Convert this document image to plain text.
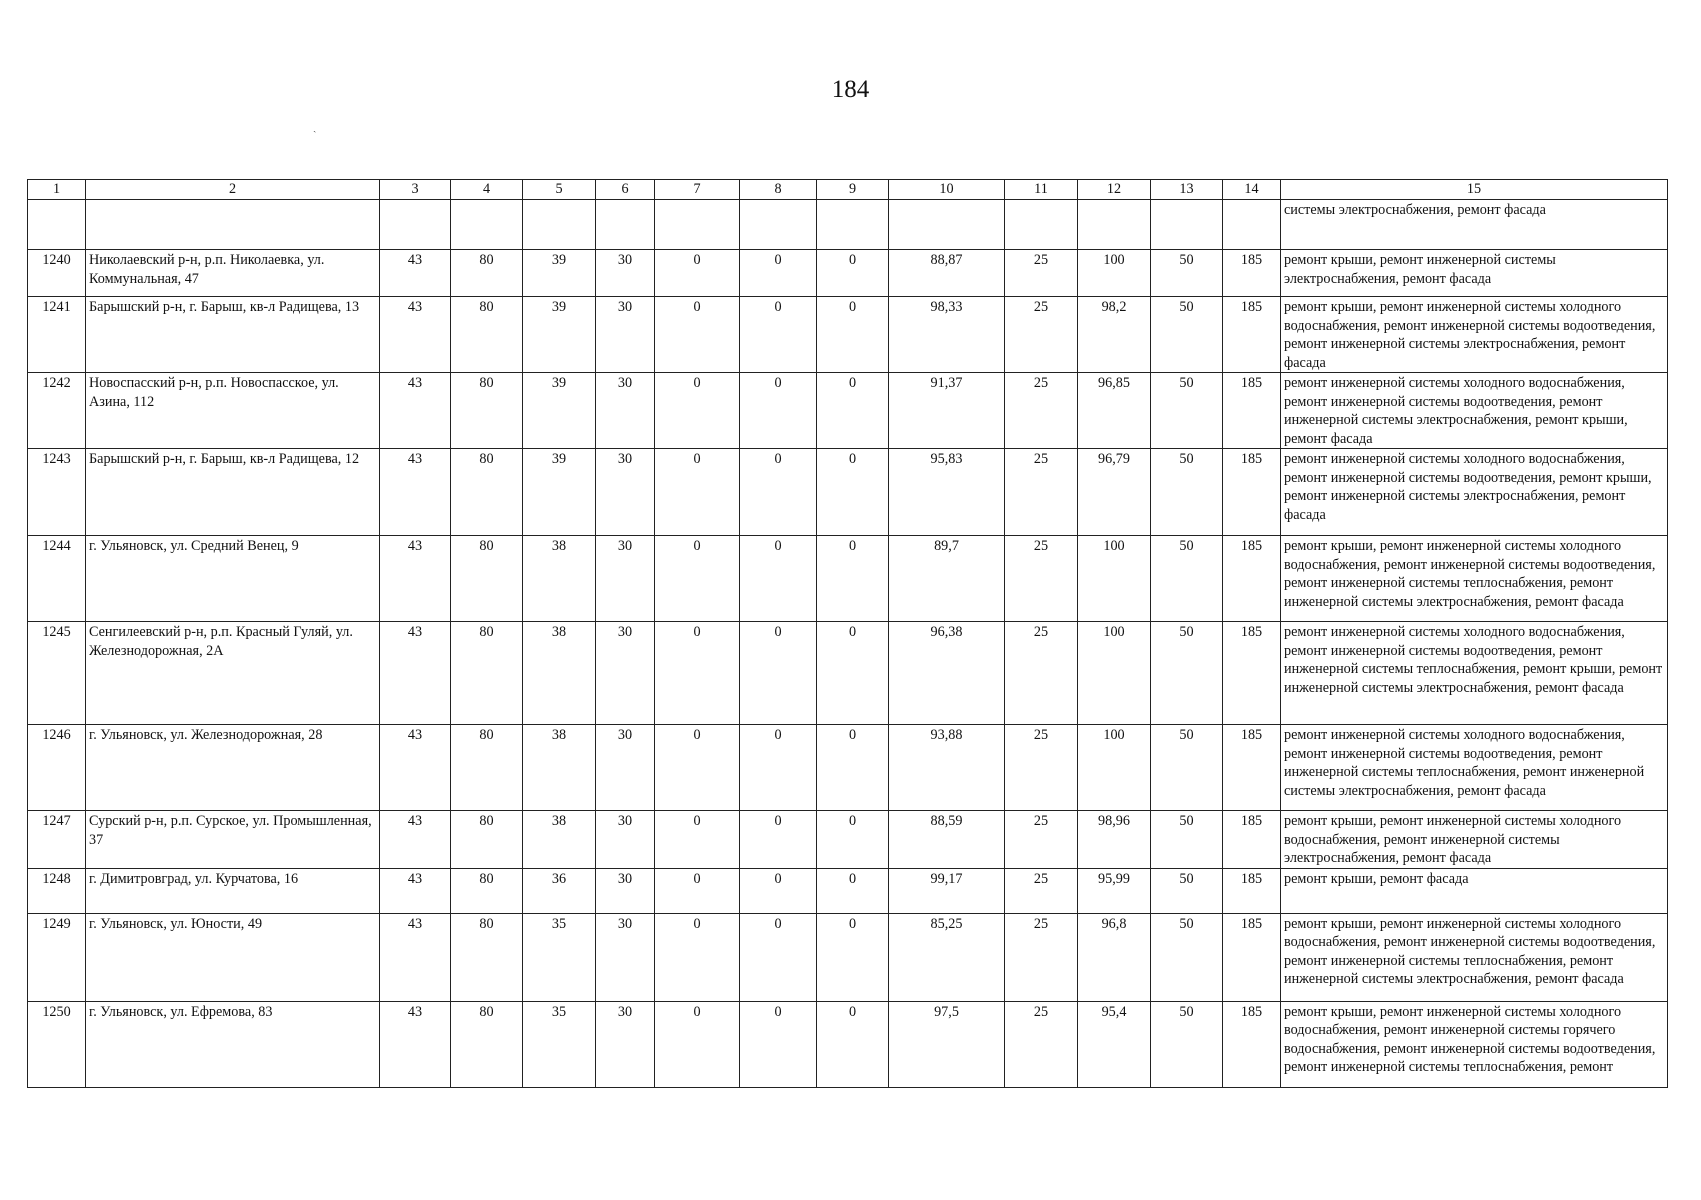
184
ˏ
1	2	3	4	5	6	7	8	9	10	11	12	13	14	15
														системы электроснабжения, ремонт фасада
1240	Николаевский р-н, р.п. Николаевка, ул. Коммунальная, 47	43	80	39	30	0	0	0	88,87	25	100	50	185	ремонт крыши, ремонт инженерной системы электроснабжения, ремонт фасада
1241	Барышский р-н, г. Барыш, кв-л Радищева, 13	43	80	39	30	0	0	0	98,33	25	98,2	50	185	ремонт крыши, ремонт инженерной системы холодного водоснабжения, ремонт инженерной системы водоотведения, ремонт инженерной системы электроснабжения, ремонт фасада
1242	Новоспасский р-н, р.п. Новоспасское, ул. Азина, 112	43	80	39	30	0	0	0	91,37	25	96,85	50	185	ремонт инженерной системы холодного водоснабжения, ремонт инженерной системы водоотведения, ремонт инженерной системы электроснабжения, ремонт крыши, ремонт фасада
1243	Барышский р-н, г. Барыш, кв-л Радищева, 12	43	80	39	30	0	0	0	95,83	25	96,79	50	185	ремонт инженерной системы холодного водоснабжения, ремонт инженерной системы водоотведения, ремонт крыши, ремонт инженерной системы электроснабжения, ремонт фасада
1244	г. Ульяновск, ул. Средний Венец, 9	43	80	38	30	0	0	0	89,7	25	100	50	185	ремонт крыши, ремонт инженерной системы холодного водоснабжения, ремонт инженерной системы водоотведения, ремонт инженерной системы теплоснабжения, ремонт инженерной системы электроснабжения, ремонт фасада
1245	Сенгилеевский р-н, р.п. Красный Гуляй, ул. Железнодорожная, 2А	43	80	38	30	0	0	0	96,38	25	100	50	185	ремонт инженерной системы холодного водоснабжения, ремонт инженерной системы водоотведения, ремонт инженерной системы теплоснабжения, ремонт крыши, ремонт инженерной системы электроснабжения, ремонт фасада
1246	г. Ульяновск, ул. Железнодорожная, 28	43	80	38	30	0	0	0	93,88	25	100	50	185	ремонт инженерной системы холодного водоснабжения, ремонт инженерной системы водоотведения, ремонт инженерной системы теплоснабжения, ремонт инженерной системы электроснабжения, ремонт фасада
1247	Сурский р-н, р.п. Сурское, ул. Промышленная, 37	43	80	38	30	0	0	0	88,59	25	98,96	50	185	ремонт крыши, ремонт инженерной системы холодного водоснабжения, ремонт инженерной системы электроснабжения, ремонт фасада
1248	г. Димитровград, ул. Курчатова, 16	43	80	36	30	0	0	0	99,17	25	95,99	50	185	ремонт крыши, ремонт фасада
1249	г. Ульяновск, ул. Юности, 49	43	80	35	30	0	0	0	85,25	25	96,8	50	185	ремонт крыши, ремонт инженерной системы холодного водоснабжения, ремонт инженерной системы водоотведения, ремонт инженерной системы теплоснабжения, ремонт инженерной системы электроснабжения, ремонт фасада
1250	г. Ульяновск, ул. Ефремова, 83	43	80	35	30	0	0	0	97,5	25	95,4	50	185	ремонт крыши, ремонт инженерной системы холодного водоснабжения, ремонт инженерной системы горячего водоснабжения, ремонт инженерной системы водоотведения, ремонт инженерной системы теплоснабжения, ремонт
